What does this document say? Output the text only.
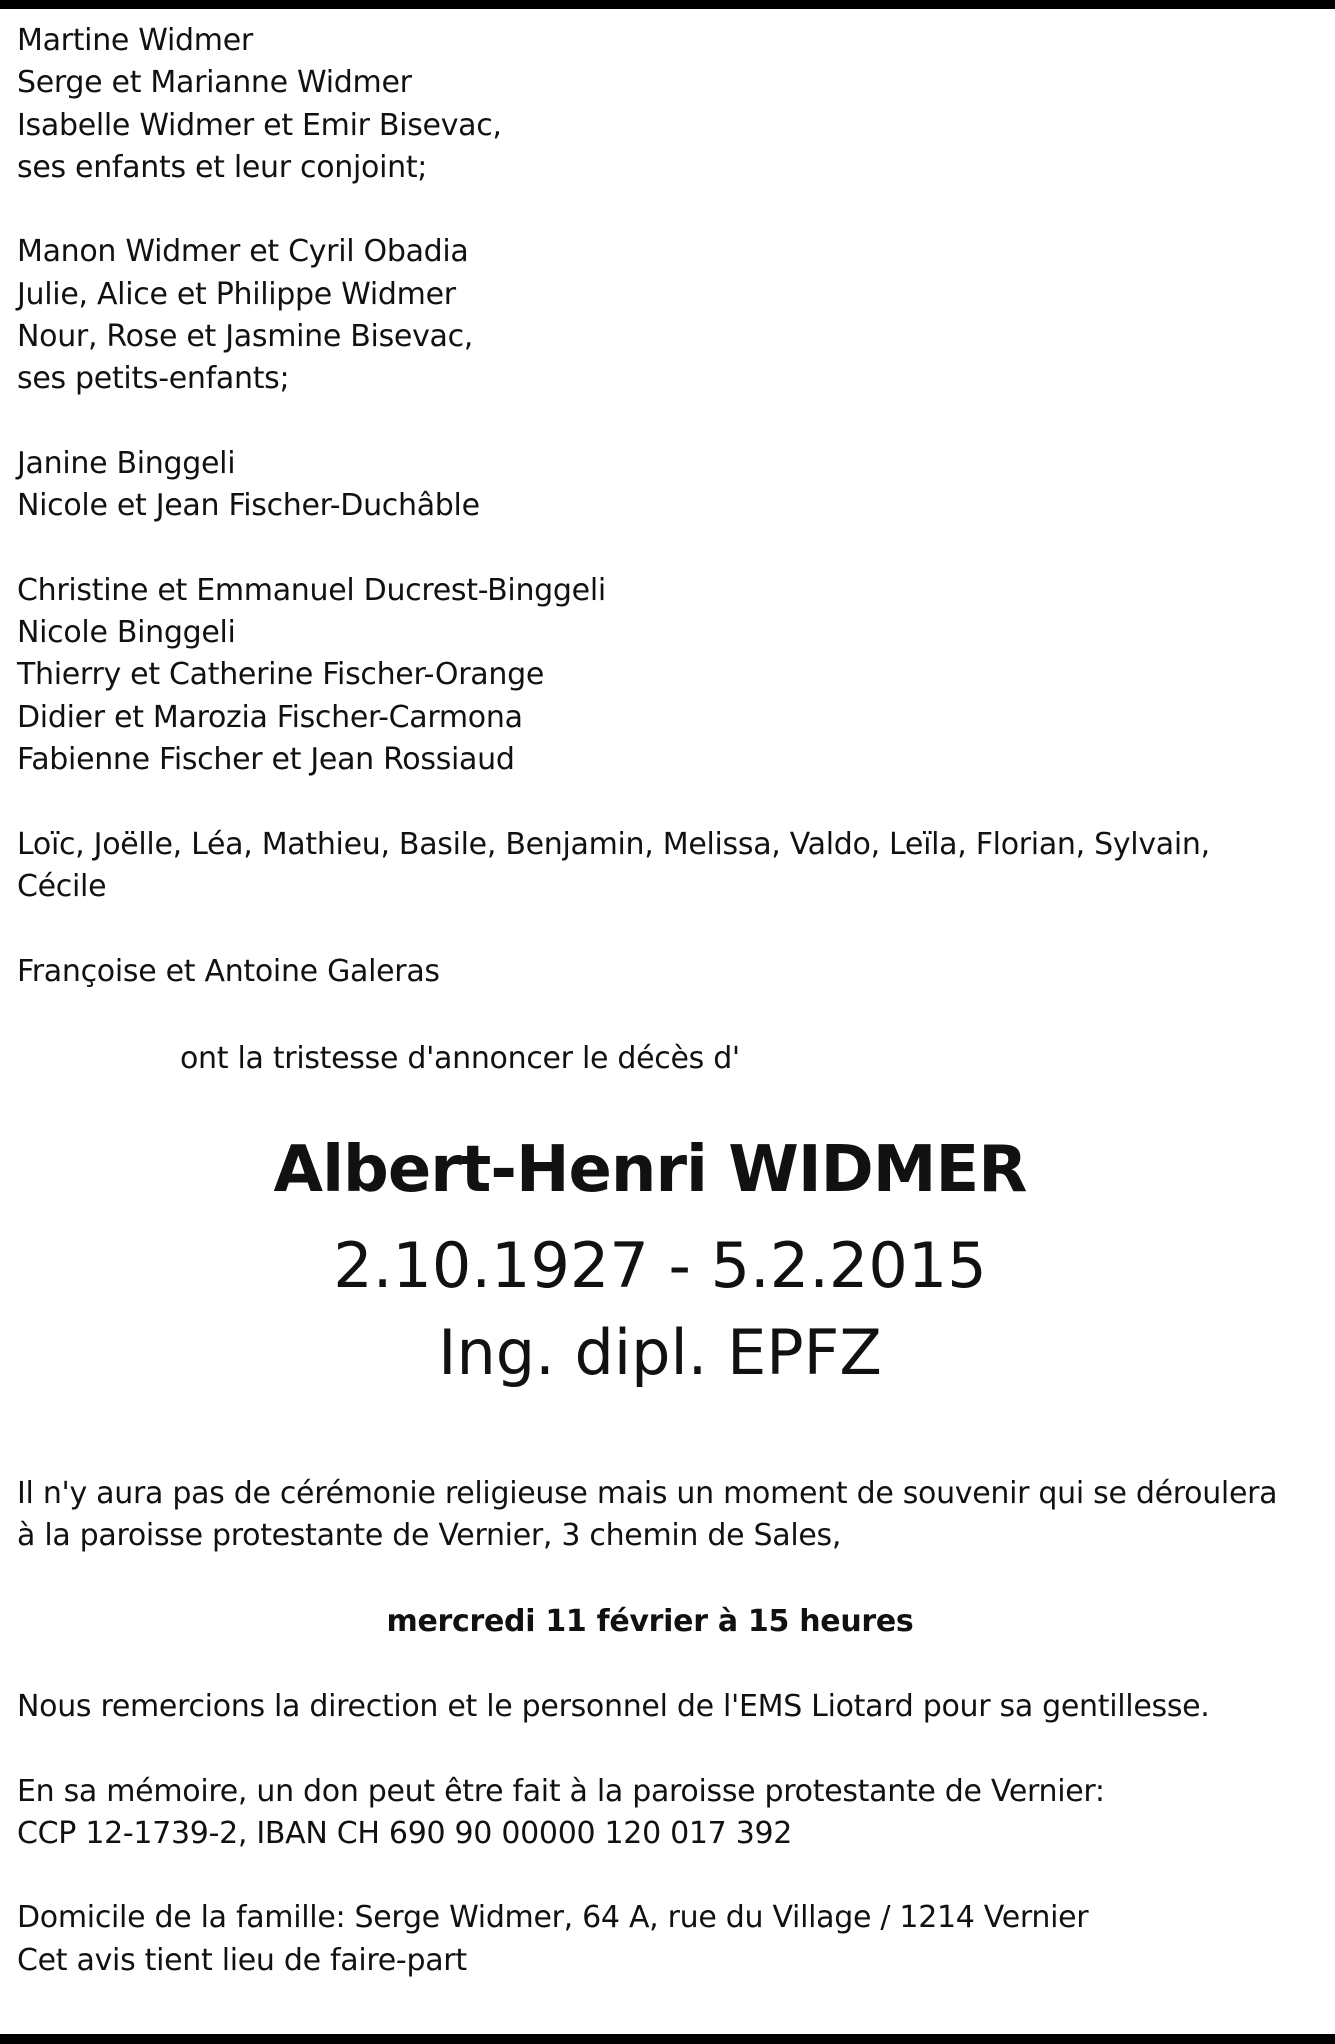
Martine Widmer
Serge et Marianne Widmer
Isabelle Widmer et Emir Bisevac,
ses enfants et leur conjoint;
Manon Widmer et Cyril Obadia
Julie, Alice et Philippe Widmer
Nour, Rose et Jasmine Bisevac,
ses petits-enfants;
Janine Binggeli
Nicole et Jean Fischer-Duchâble
Christine et Emmanuel Ducrest-Binggeli
Nicole Binggeli
Thierry et Catherine Fischer-Orange
Didier et Marozia Fischer-Carmona
Fabienne Fischer et Jean Rossiaud
Loïc, Joëlle, Léa, Mathieu, Basile, Benjamin, Melissa, Valdo, Leïla, Florian, Sylvain,
Cécile
Françoise et Antoine Galeras
ont la tristesse d'annoncer le décès d'
Albert-Henri WIDMER
2.10.1927 - 5.2.2015
Ing. dipl. EPFZ
Il n'y aura pas de cérémonie religieuse mais un moment de souvenir qui se déroulera
à la paroisse protestante de Vernier, 3 chemin de Sales,
mercredi 11 février à 15 heures
Nous remercions la direction et le personnel de l'EMS Liotard pour sa gentillesse.
En sa mémoire, un don peut être fait à la paroisse protestante de Vernier:
CCP 12-1739-2, IBAN CH 690 90 00000 120 017 392
Domicile de la famille: Serge Widmer, 64 A, rue du Village / 1214 Vernier
Cet avis tient lieu de faire-part
